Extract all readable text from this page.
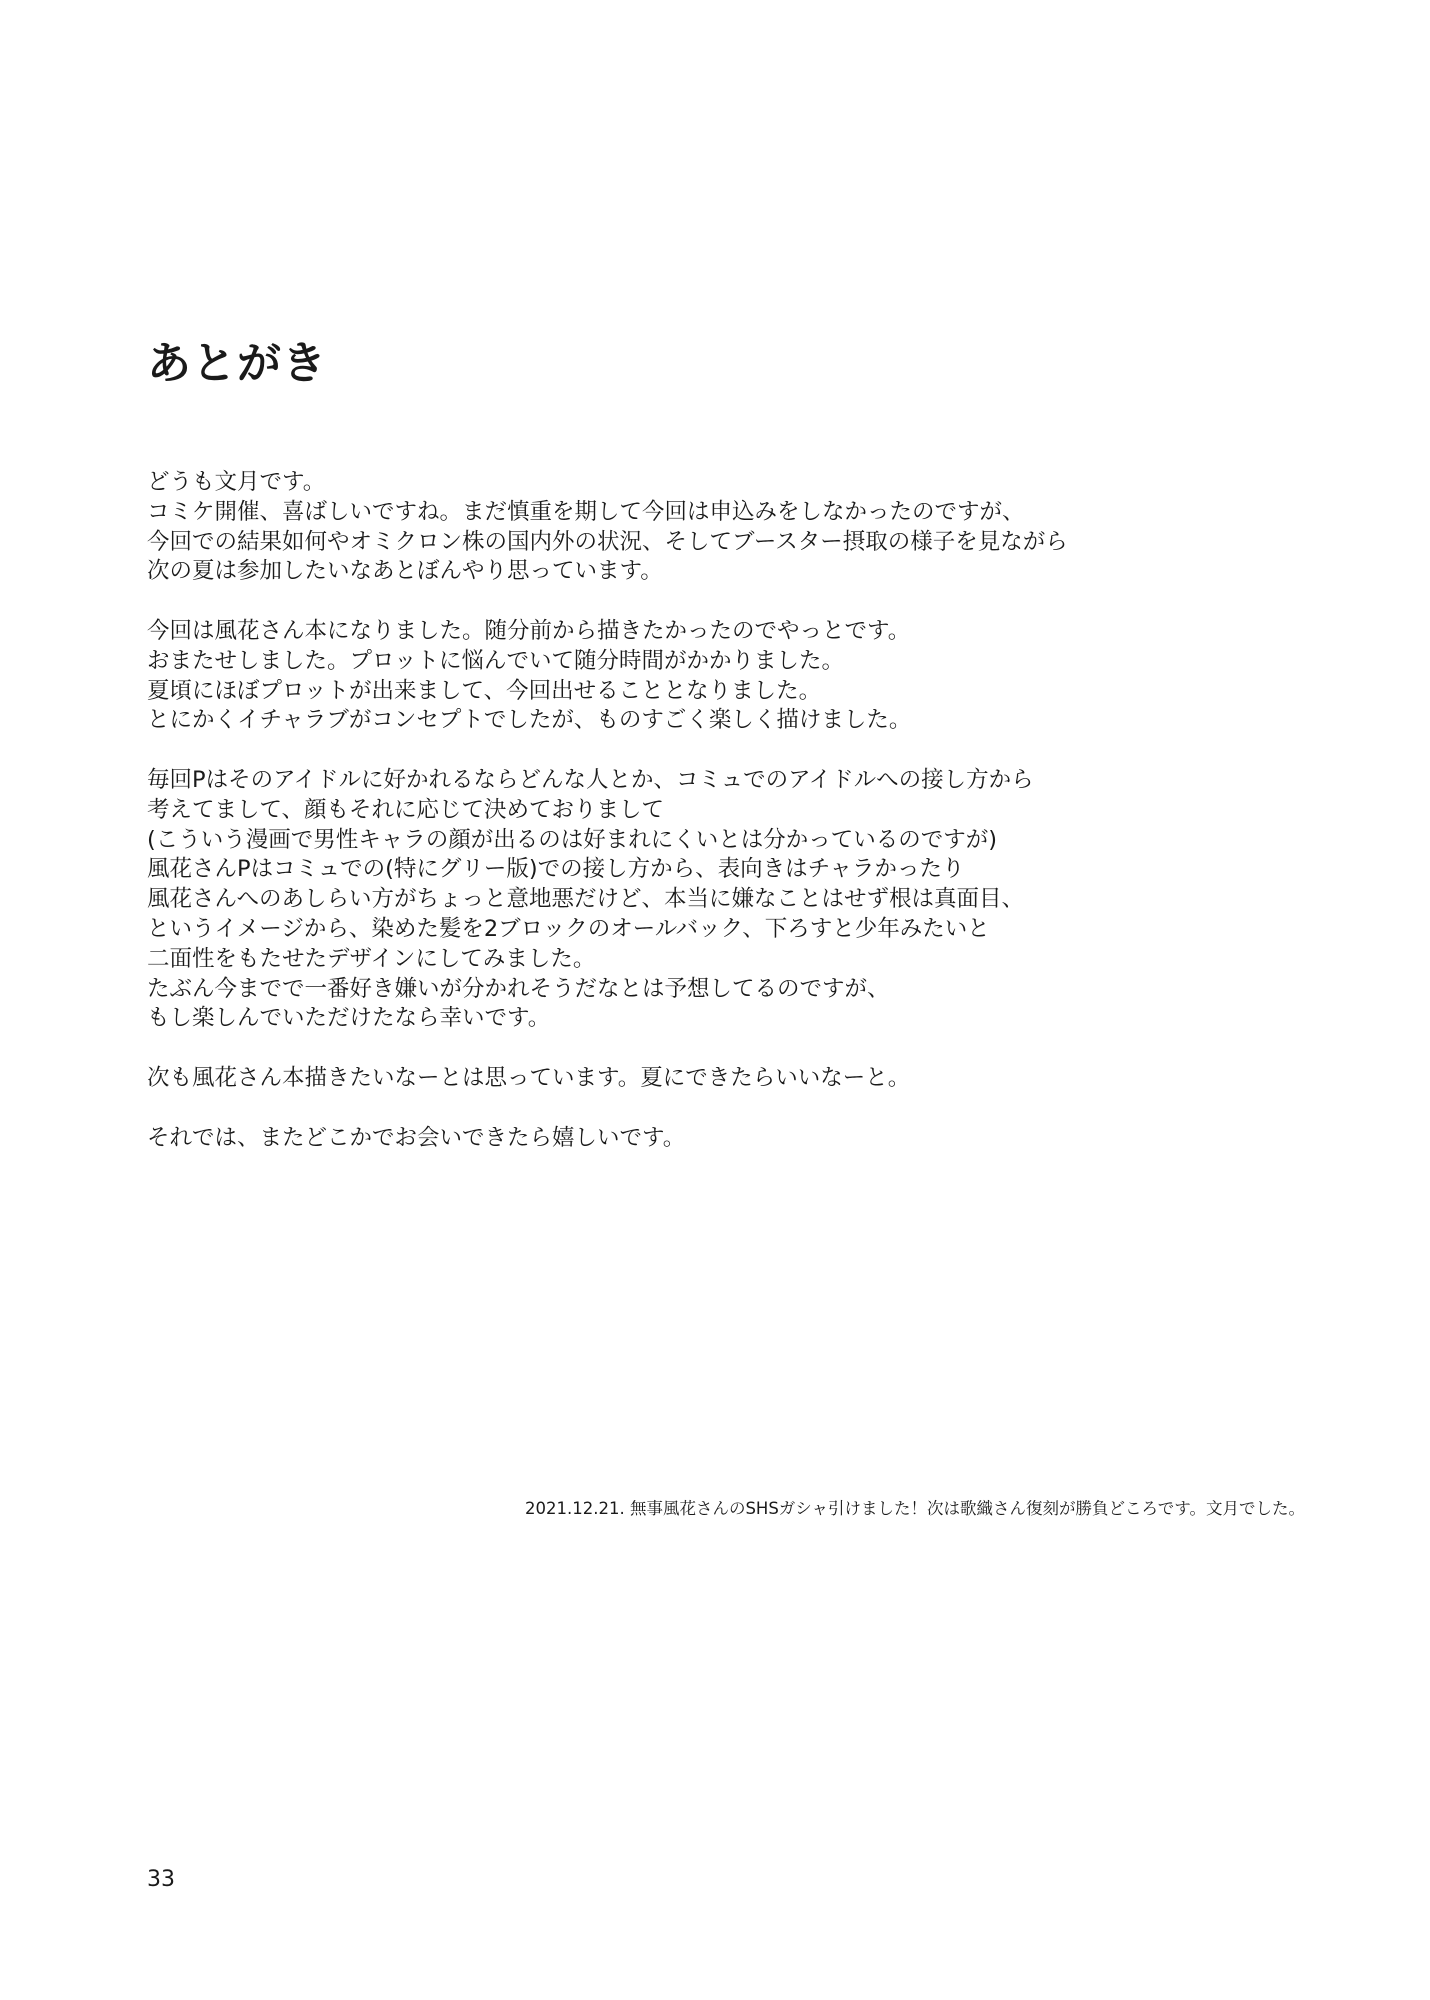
あとがき
どうも文月です。
コミケ開催、喜ばしいですね。まだ慎重を期して今回は申込みをしなかったのですが、
今回での結果如何やオミクロン株の国内外の状況、そしてブースター摂取の様子を見ながら
次の夏は参加したいなあとぼんやり思っています。
今回は風花さん本になりました。随分前から描きたかったのでやっとです。
おまたせしました。プロットに悩んでいて随分時間がかかりました。
夏頃にほぼプロットが出来まして、今回出せることとなりました。
とにかくイチャラブがコンセプトでしたが、ものすごく楽しく描けました。
毎回Pはそのアイドルに好かれるならどんな人とか、コミュでのアイドルへの接し方から
考えてまして、顔もそれに応じて決めておりまして
(こういう漫画で男性キャラの顔が出るのは好まれにくいとは分かっているのですが)
風花さんPはコミュでの(特にグリー版)での接し方から、表向きはチャラかったり
風花さんへのあしらい方がちょっと意地悪だけど、本当に嫌なことはせず根は真面目、
というイメージから、染めた髪を2ブロックのオールバック、下ろすと少年みたいと
二面性をもたせたデザインにしてみました。
たぶん今までで一番好き嫌いが分かれそうだなとは予想してるのですが、
もし楽しんでいただけたなら幸いです。
次も風花さん本描きたいなーとは思っています。夏にできたらいいなーと。
それでは、またどこかでお会いできたら嬉しいです。
2021.12.21. 無事風花さんのSHSガシャ引けました！次は歌織さん復刻が勝負どころです。文月でした。
33
